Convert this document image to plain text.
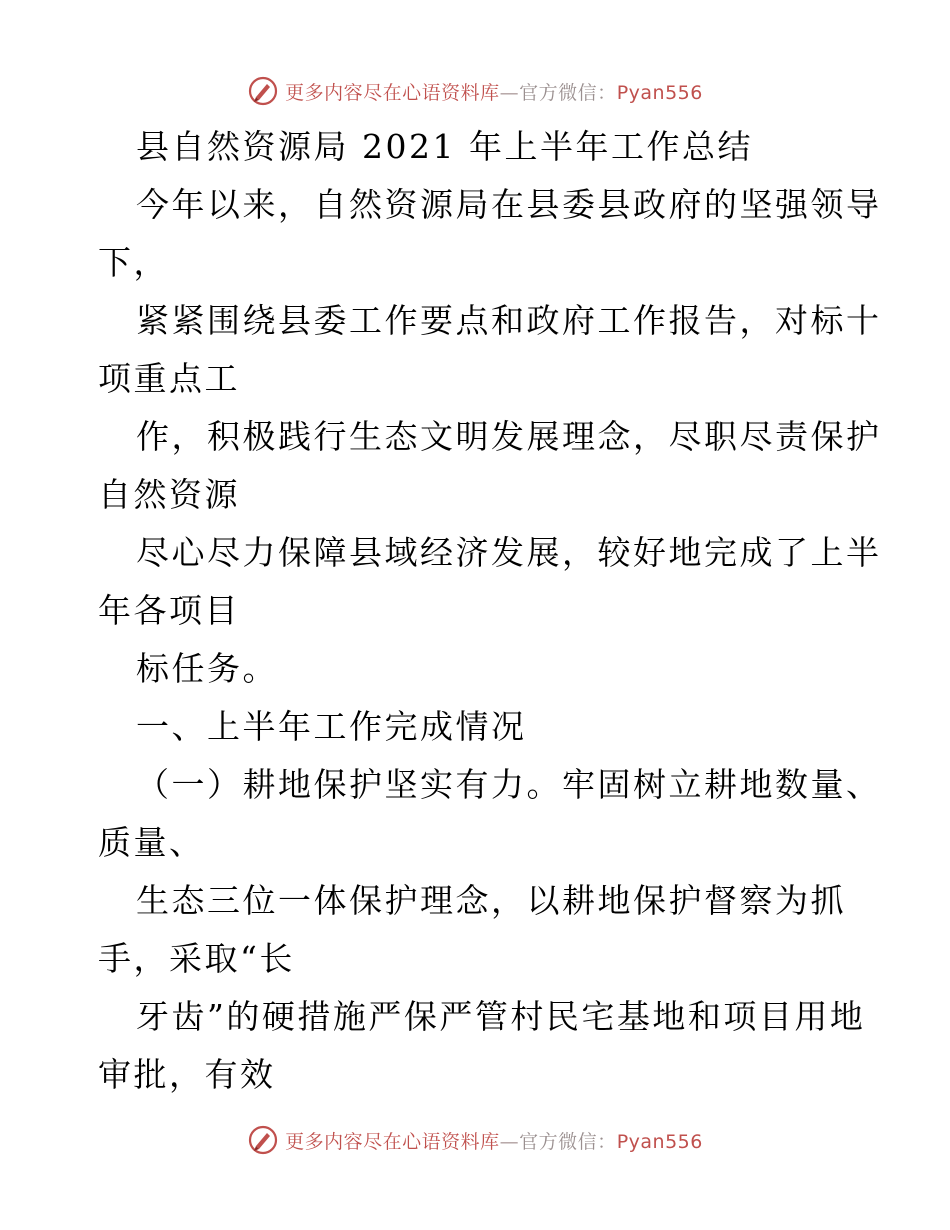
更多内容尽在心语资料库—官方微信：Pyan556
县自然资源局 2021 年上半年工作总结
今年以来，自然资源局在县委县政府的坚强领导
下，
紧紧围绕县委工作要点和政府工作报告，对标十
项重点工
作，积极践行生态文明发展理念，尽职尽责保护
自然资源
尽心尽力保障县域经济发展，较好地完成了上半
年各项目
标任务。
一、上半年工作完成情况
（一）耕地保护坚实有力。牢固树立耕地数量、
质量、
生态三位一体保护理念，以耕地保护督察为抓
手，采取“长
牙齿”的硬措施严保严管村民宅基地和项目用地
审批，有效
更多内容尽在心语资料库—官方微信：Pyan556
